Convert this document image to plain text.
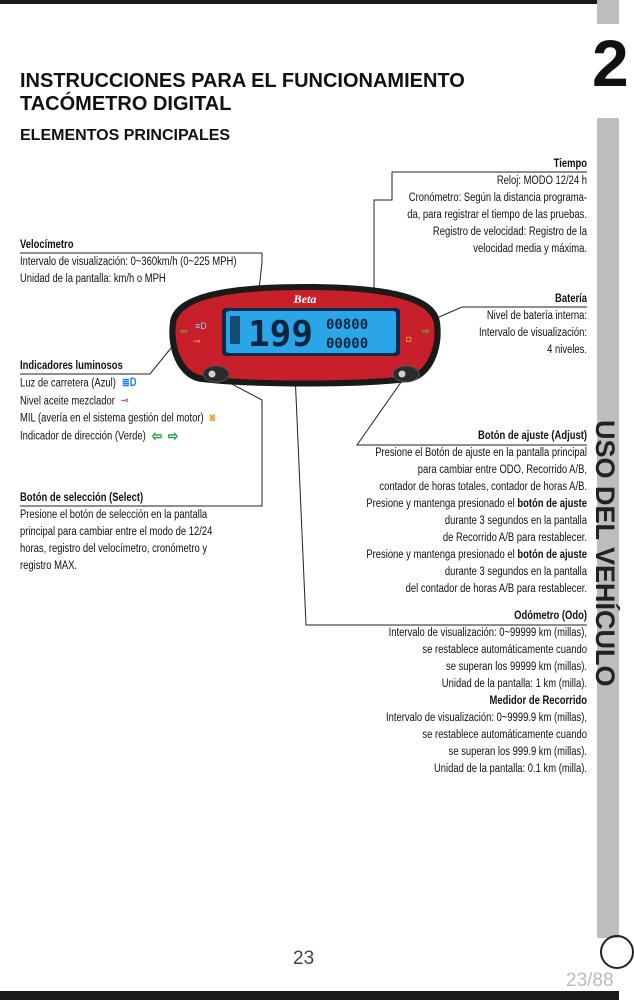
2
USO DEL VEHÍCULO
INSTRUCCIONES PARA EL FUNCIONAMIENTO
TACÓMETRO DIGITAL
ELEMENTOS PRINCIPALES
Beta
199 00800
00000
≡D
⊸
⇦	⇨
◘
Tiempo
Reloj: MODO 12/24 h
Cronómetro: Según la distancia programa-
da, para registrar el tiempo de las pruebas.
Registro de velocidad: Registro de la
velocidad media y máxima.
Velocímetro
Intervalo de visualización: 0~360km/h (0~225 MPH)
Unidad de la pantalla: km/h o MPH
Batería
Nivel de batería interna:
Intervalo de visualización:
4 niveles.
Indicadores luminosos
Luz de carretera (Azul) ≣D
Nivel aceite mezclador ⊸
MIL (avería en el sistema gestión del motor) ◙
Indicador de dirección (Verde) ⇦ ⇨	Botón de ajuste (Adjust)
Presione el Botón de ajuste en la pantalla principal
para cambiar entre ODO, Recorrido A/B,
contador de horas totales, contador de horas A/B.
Presione y mantenga presionado el botón de ajuste
durante 3 segundos en la pantalla
de Recorrido A/B para restablecer.
Presione y mantenga presionado el botón de ajuste
durante 3 segundos en la pantalla
del contador de horas A/B para restablecer.
Botón de selección (Select)
Presione el botón de selección en la pantalla
principal para cambiar entre el modo de 12/24
horas, registro del velocímetro, cronómetro y
registro MAX.
Odómetro (Odo)
Intervalo de visualización: 0~99999 km (millas),
se restablece automáticamente cuando
se superan los 99999 km (millas).
Unidad de la pantalla: 1 km (milla).
Medidor de Recorrido
Intervalo de visualización: 0~9999.9 km (millas),
se restablece automáticamente cuando
se superan los 999.9 km (millas).
Unidad de la pantalla: 0.1 km (milla).
23
23/88
